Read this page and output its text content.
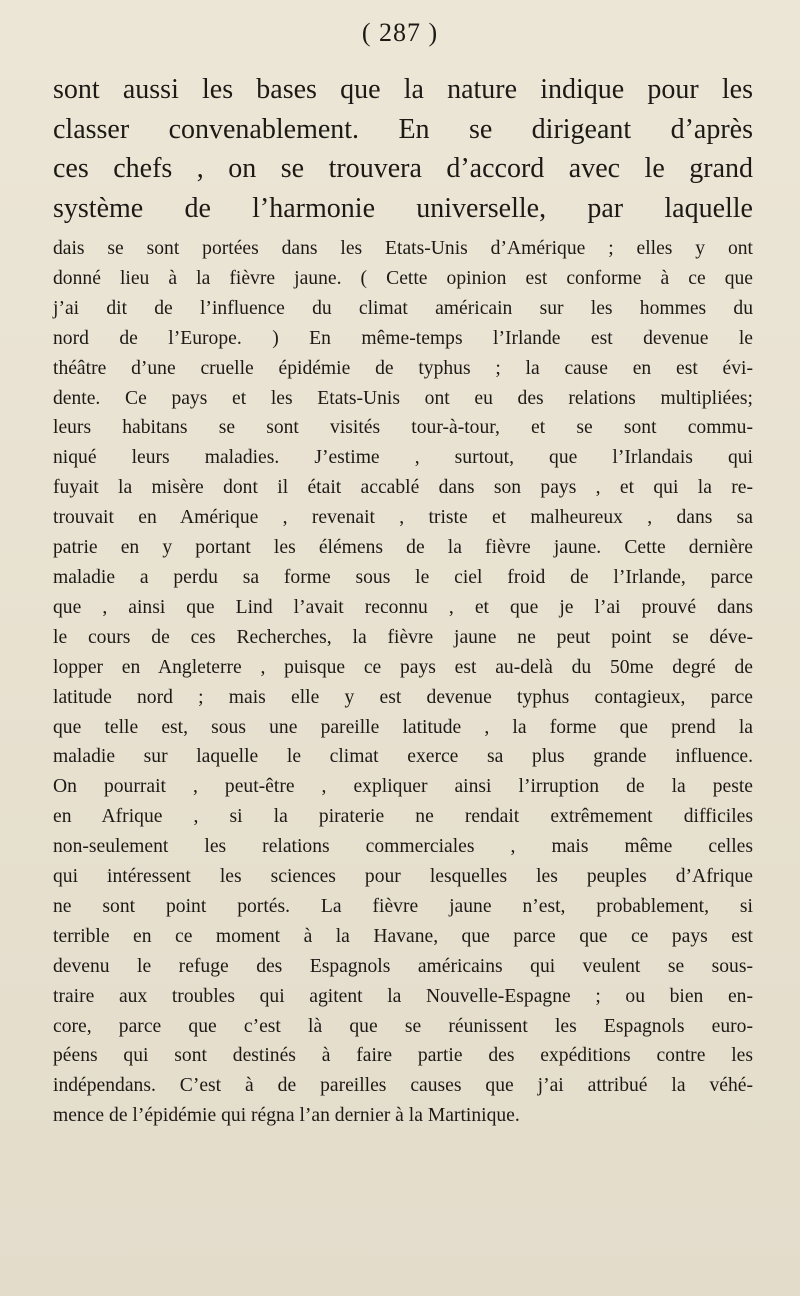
( 287 )
sont aussi les bases que la nature indique pour les
classer convenablement. En se dirigeant d’après
ces chefs , on se trouvera d’accord avec le grand
système de l’harmonie universelle, par laquelle
dais se sont portées dans les Etats-Unis d’Amérique ; elles y ont
donné lieu à la fièvre jaune. ( Cette opinion est conforme à ce que
j’ai dit de l’influence du climat américain sur les hommes du
nord de l’Europe. ) En même-temps l’Irlande est devenue le
théâtre d’une cruelle épidémie de typhus ; la cause en est évi-
dente. Ce pays et les Etats-Unis ont eu des relations multipliées;
leurs habitans se sont visités tour-à-tour, et se sont commu-
niqué leurs maladies. J’estime , surtout, que l’Irlandais qui
fuyait la misère dont il était accablé dans son pays , et qui la re-
trouvait en Amérique , revenait , triste et malheureux , dans sa
patrie en y portant les élémens de la fièvre jaune. Cette dernière
maladie a perdu sa forme sous le ciel froid de l’Irlande, parce
que , ainsi que Lind l’avait reconnu , et que je l’ai prouvé dans
le cours de ces Recherches, la fièvre jaune ne peut point se déve-
lopper en Angleterre , puisque ce pays est au-delà du 50me degré de
latitude nord ; mais elle y est devenue typhus contagieux, parce
que telle est, sous une pareille latitude , la forme que prend la
maladie sur laquelle le climat exerce sa plus grande influence.
On pourrait , peut-être , expliquer ainsi l’irruption de la peste
en Afrique , si la piraterie ne rendait extrêmement difficiles
non-seulement les relations commerciales , mais même celles
qui intéressent les sciences pour lesquelles les peuples d’Afrique
ne sont point portés. La fièvre jaune n’est, probablement, si
terrible en ce moment à la Havane, que parce que ce pays est
devenu le refuge des Espagnols américains qui veulent se sous-
traire aux troubles qui agitent la Nouvelle-Espagne ; ou bien en-
core, parce que c’est là que se réunissent les Espagnols euro-
péens qui sont destinés à faire partie des expéditions contre les
indépendans. C’est à de pareilles causes que j’ai attribué la véhé-
mence de l’épidémie qui régna l’an dernier à la Martinique.
